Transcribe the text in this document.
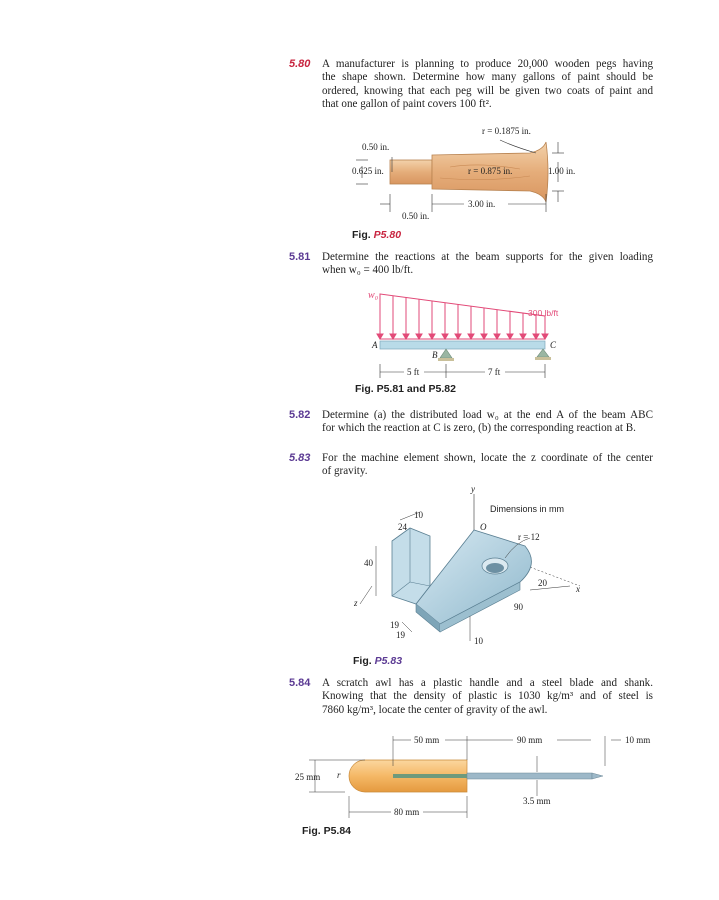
5.80 A manufacturer is planning to produce 20,000 wooden pegs having
the shape shown. Determine how many gallons of paint should be
ordered, knowing that each peg will be given two coats of paint and
that one gallon of paint covers 100 ft².
r = 0.1875 in.
0.50 in.
0.625 in.	r = 0.875 in.	1.00 in.
3.00 in.
0.50 in.
Fig. P5.80
5.81 Determine the reactions at the beam supports for the given loading
when w₀ = 400 lb/ft.
w₀
300 lb/ft
A
B
C
5 ft	7 ft
Fig. P5.81 and P5.82
5.82 Determine (a) the distributed load w₀ at the end A of the beam ABC
for which the reaction at C is zero, (b) the corresponding reaction at B.
5.83 For the machine element shown, locate the z coordinate of the center
of gravity.
Dimensions in mm
y
O
r = 12
10
24
40
x
z
20
90
19
19
10
Fig. P5.83
5.84 A scratch awl has a plastic handle and a steel blade and shank.
Knowing that the density of plastic is 1030 kg/m³ and of steel is
7860 kg/m³, locate the center of gravity of the awl.
50 mm	90 mm	10 mm
25 mm r
3.5 mm
80 mm
Fig. P5.84
